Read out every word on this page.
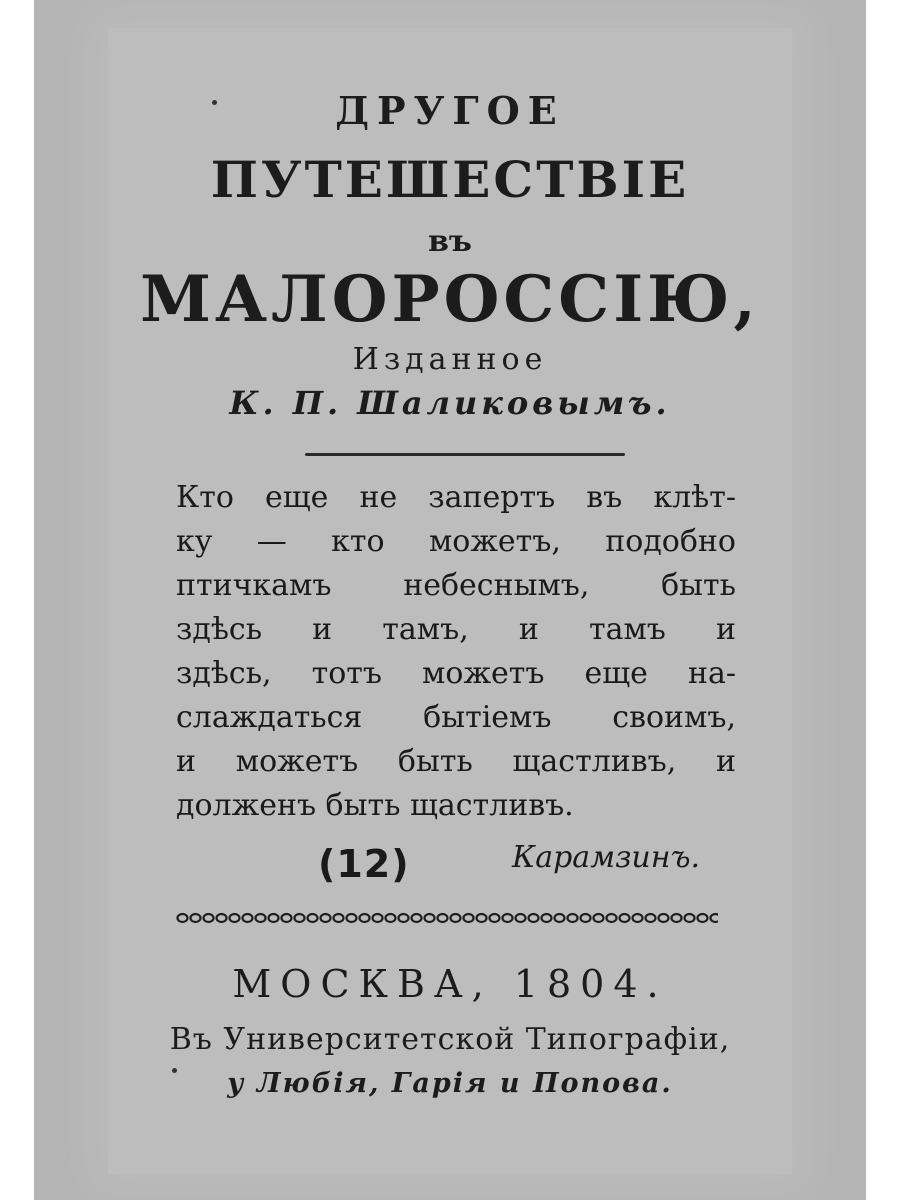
ДРУГОЕ
ПУТЕШЕСТВІЕ
въ
МАЛОРОССІЮ,
Изданное
К. П. Шаликовымъ.
Кто еще не запертъ въ клѣт-
ку — кто можетъ, подобно
птичкамъ небеснымъ, быть
здѣсь и тамъ, и тамъ и
здѣсь, тотъ можетъ еще на-
слаждаться бытіемъ своимъ,
и можетъ быть щастливъ, и
долженъ быть щастливъ.
(12)	Карамзинъ.
МОСКВА, 1804.
Въ Университетской Типографіи,
у Любія, Гарія и Попова.
